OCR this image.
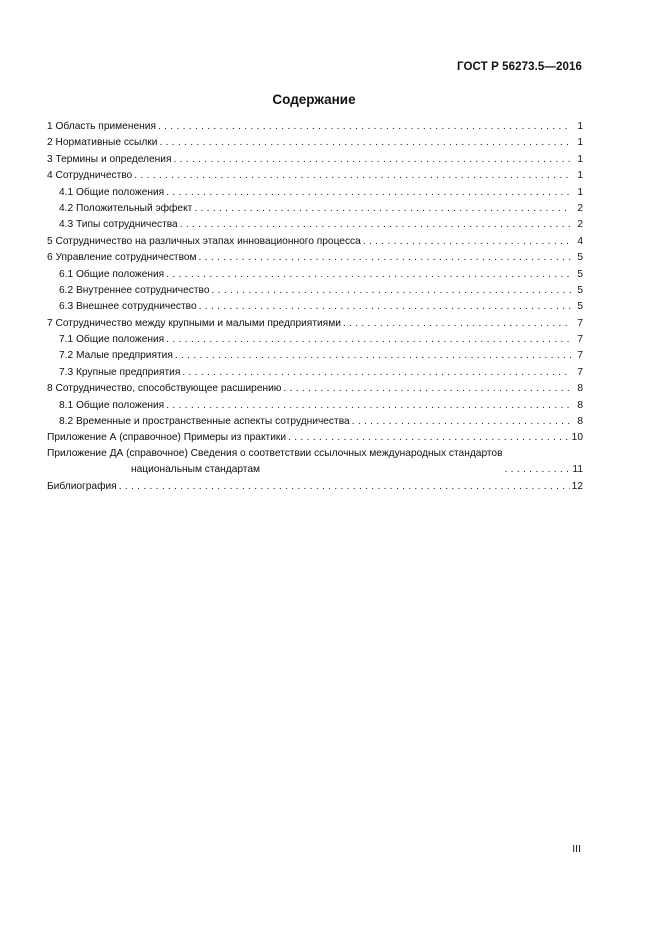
ГОСТ Р 56273.5—2016
Содержание
1 Область применения . . .	1
2 Нормативные ссылки . . .	1
3 Термины и определения . . .	1
4 Сотрудничество . . .	1
4.1 Общие положения . . .	1
4.2 Положительный эффект . . .	2
4.3 Типы сотрудничества . . .	2
5 Сотрудничество на различных этапах инновационного процесса . . .	4
6 Управление сотрудничеством . . .	5
6.1 Общие положения . . .	5
6.2 Внутреннее сотрудничество . . .	5
6.3 Внешнее сотрудничество . . .	5
7 Сотрудничество между крупными и малыми предприятиями . . .	7
7.1 Общие положения . . .	7
7.2 Малые предприятия . . .	7
7.3 Крупные предприятия . . .	7
8 Сотрудничество, способствующее расширению . . .	8
8.1 Общие положения . . .	8
8.2 Временные и пространственные аспекты сотрудничества . . .	8
Приложение А (справочное) Примеры из практики . . .	10
Приложение ДА (справочное) Сведения о соответствии ссылочных международных стандартов
национальным стандартам . . .	11
Библиография . . .	12
III
